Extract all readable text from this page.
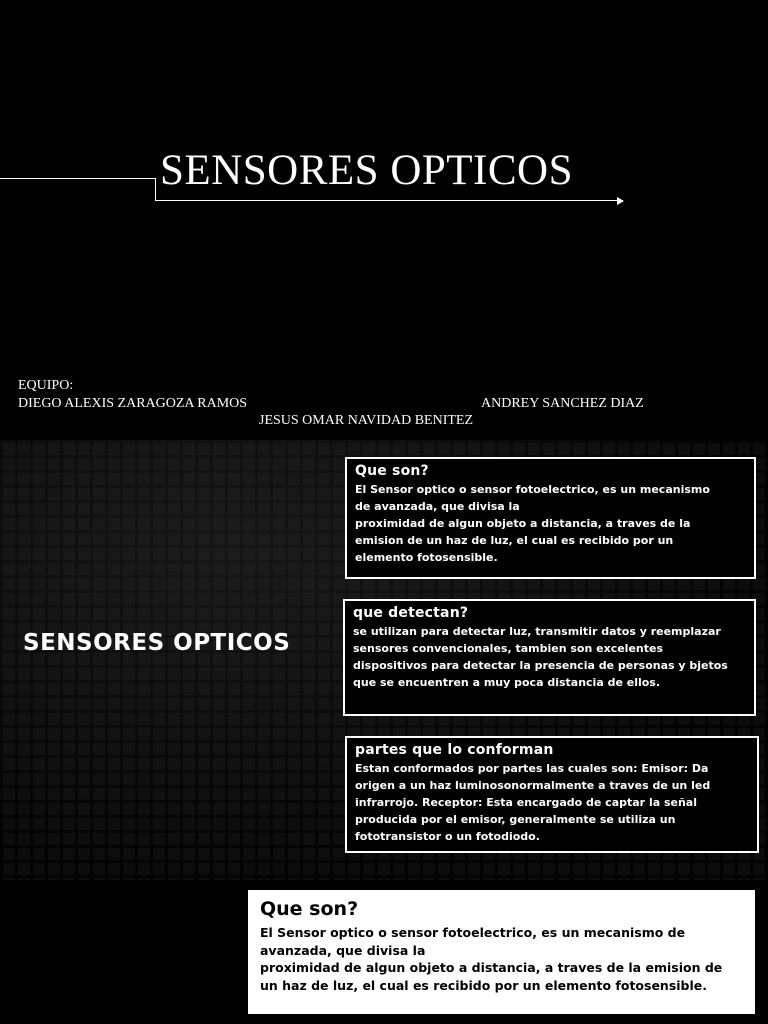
SENSORES OPTICOS
EQUIPO:
DIEGO ALEXIS ZARAGOZA RAMOS	ANDREY SANCHEZ DIAZ
JESUS OMAR NAVIDAD BENITEZ
SENSORES OPTICOS
Que son?

El Sensor optico o sensor fotoelectrico, es un mecanismo
de avanzada, que divisa la
proximidad de algun objeto a distancia, a traves de la
emision de un haz de luz, el cual es recibido por un
elemento fotosensible.

que detectan?

se utilizan para detectar luz, transmitir datos y reemplazar
sensores convencionales, tambien son excelentes
dispositivos para detectar la presencia de personas y bjetos
que se encuentren a muy poca distancia de ellos.

partes que lo conforman

Estan conformados por partes las cuales son: Emisor: Da
origen a un haz luminosonormalmente a traves de un led
infrarrojo. Receptor: Esta encargado de captar la señal
producida por el emisor, generalmente se utiliza un
fototransistor o un fotodiodo.

Que son?

El Sensor optico o sensor fotoelectrico, es un mecanismo de
avanzada, que divisa la
proximidad de algun objeto a distancia, a traves de la emision de
un haz de luz, el cual es recibido por un elemento fotosensible.
